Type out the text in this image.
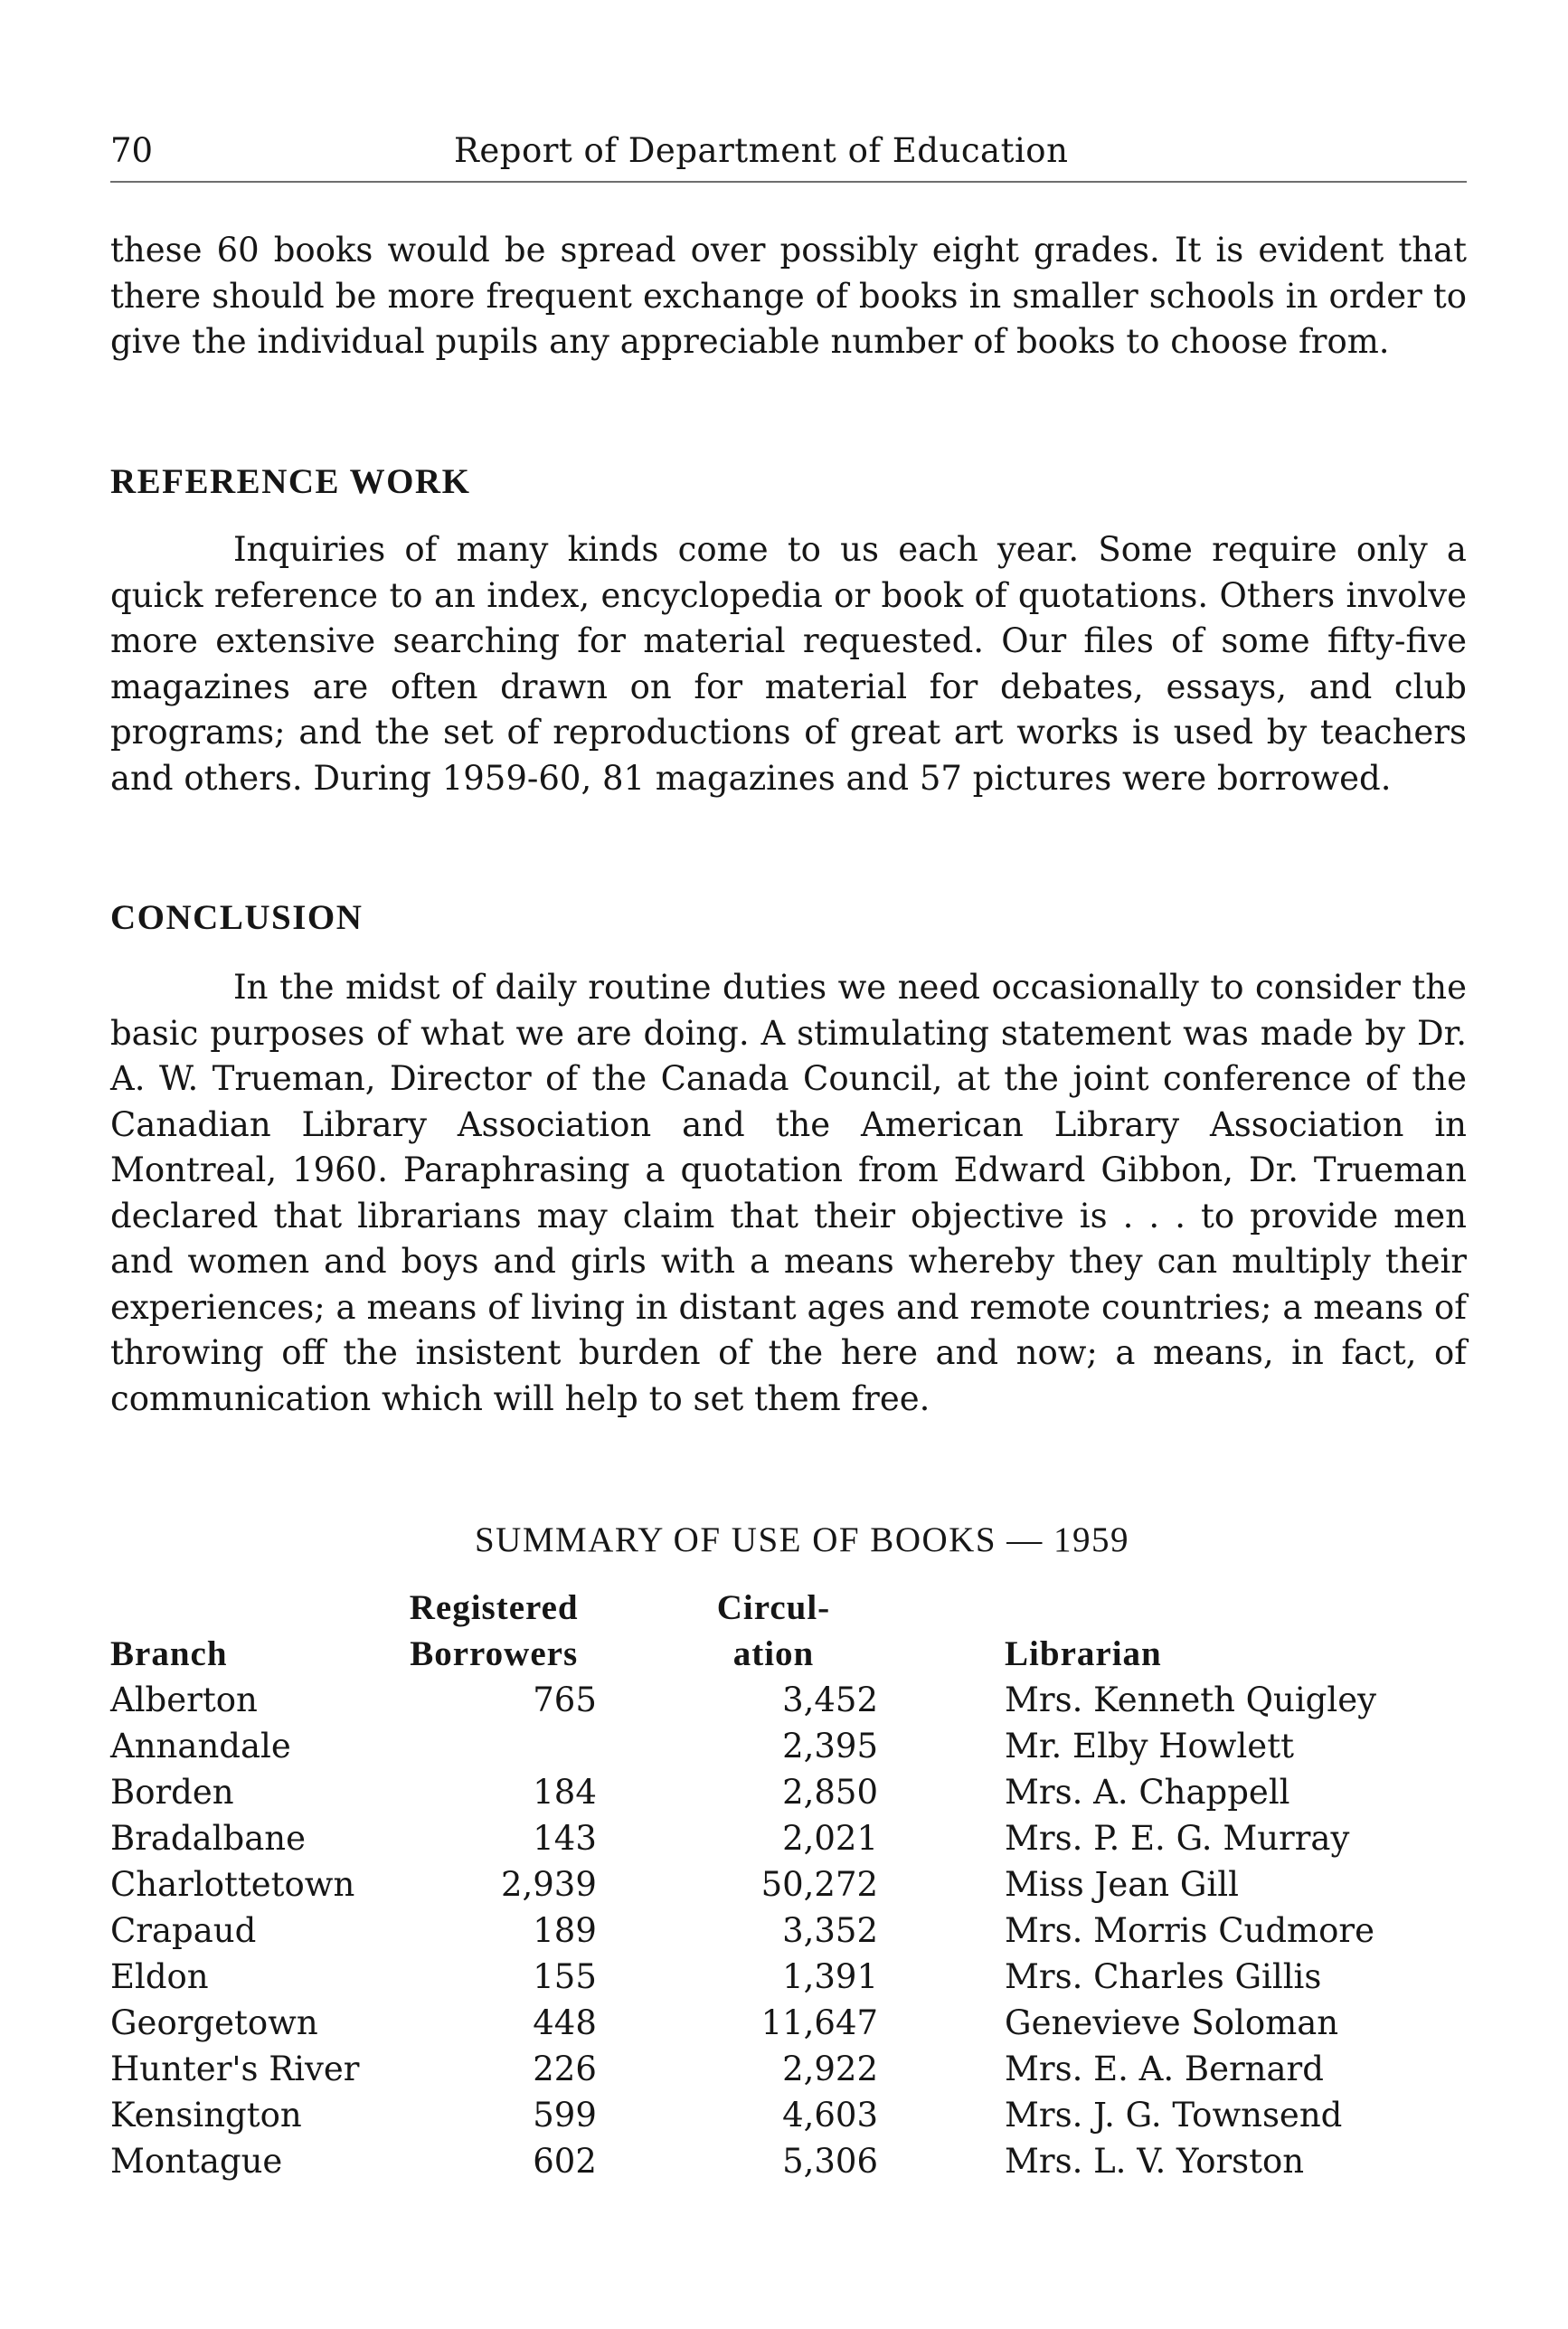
70	Report of Department of Education

these 60 books would be spread over possibly eight grades. It is evident that there should be more frequent exchange of books in smaller schools in order to give the individual pupils any appreciable number of books to choose from.

REFERENCE WORK

Inquiries of many kinds come to us each year. Some require only a quick reference to an index, encyclopedia or book of quotations. Others involve more extensive searching for material requested. Our files of some fifty-five magazines are often drawn on for material for debates, essays, and club programs; and the set of reproductions of great art works is used by teachers and others. During 1959-60, 81 magazines and 57 pictures were borrowed.

CONCLUSION

In the midst of daily routine duties we need occasionally to consider the basic purposes of what we are doing. A stimulating statement was made by Dr. A. W. Trueman, Director of the Canada Council, at the joint conference of the Canadian Library Association and the American Library Association in Montreal, 1960. Paraphrasing a quotation from Edward Gibbon, Dr. Trueman declared that librarians may claim that their objective is . . . to provide men and women and boys and girls with a means whereby they can multiply their experiences; a means of living in distant ages and remote countries; a means of throwing off the insistent burden of the here and now; a means, in fact, of communication which will help to set them free.

SUMMARY OF USE OF BOOKS — 1959
	Registered	Circul-	
Branch	Borrowers	ation	Librarian
Alberton	765	3,452	Mrs. Kenneth Quigley
Annandale		2,395	Mr. Elby Howlett
Borden	184	2,850	Mrs. A. Chappell
Bradalbane	143	2,021	Mrs. P. E. G. Murray
Charlottetown	2,939	50,272	Miss Jean Gill
Crapaud	189	3,352	Mrs. Morris Cudmore
Eldon	155	1,391	Mrs. Charles Gillis
Georgetown	448	11,647	Genevieve Soloman
Hunter's River	226	2,922	Mrs. E. A. Bernard
Kensington	599	4,603	Mrs. J. G. Townsend
Montague	602	5,306	Mrs. L. V. Yorston
